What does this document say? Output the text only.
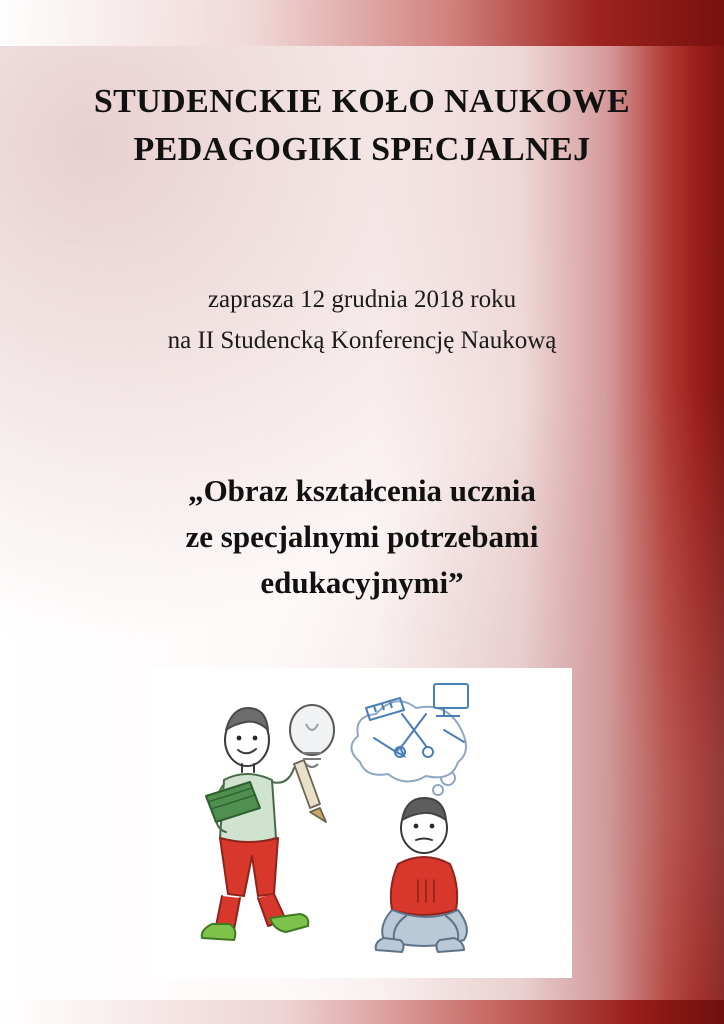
STUDENCKIE KOŁO NAUKOWE
PEDAGOGIKI SPECJALNEJ
zaprasza 12 grudnia 2018 roku
na II Studencką Konferencję Naukową
„Obraz kształcenia ucznia
ze specjalnymi potrzebami
edukacyjnymi”
